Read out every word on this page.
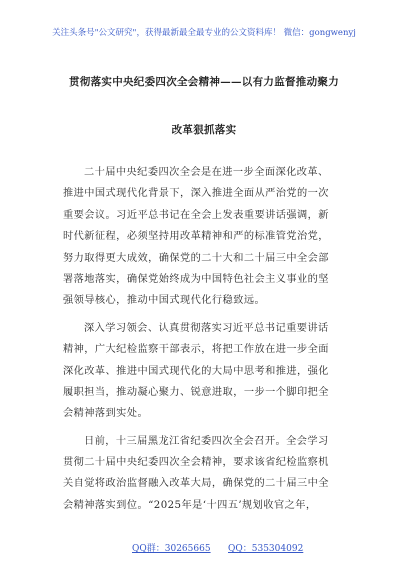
关注头条号"公文研究"，获得最新最全最专业的公文资料库！ 微信：gongwenyj
贯彻落实中央纪委四次全会精神——以有力监督推动聚力
改革狠抓落实
二十届中央纪委四次全会是在进一步全面深化改革、
推进中国式现代化背景下，深入推进全面从严治党的一次
重要会议。习近平总书记在全会上发表重要讲话强调，新
时代新征程，必须坚持用改革精神和严的标准管党治党，
努力取得更大成效，确保党的二十大和二十届三中全会部
署落地落实，确保党始终成为中国特色社会主义事业的坚
强领导核心，推动中国式现代化行稳致远。
深入学习领会、认真贯彻落实习近平总书记重要讲话
精神，广大纪检监察干部表示，将把工作放在进一步全面
深化改革、推进中国式现代化的大局中思考和推进，强化
履职担当，推动凝心聚力、锐意进取，一步一个脚印把全
会精神落到实处。
日前，十三届黑龙江省纪委四次全会召开。全会学习
贯彻二十届中央纪委四次全会精神，要求该省纪检监察机
关自觉将政治监督融入改革大局，确保党的二十届三中全
会精神落实到位。“2025年是‘十四五’规划收官之年，
QQ群：30265665 QQ：535304092
